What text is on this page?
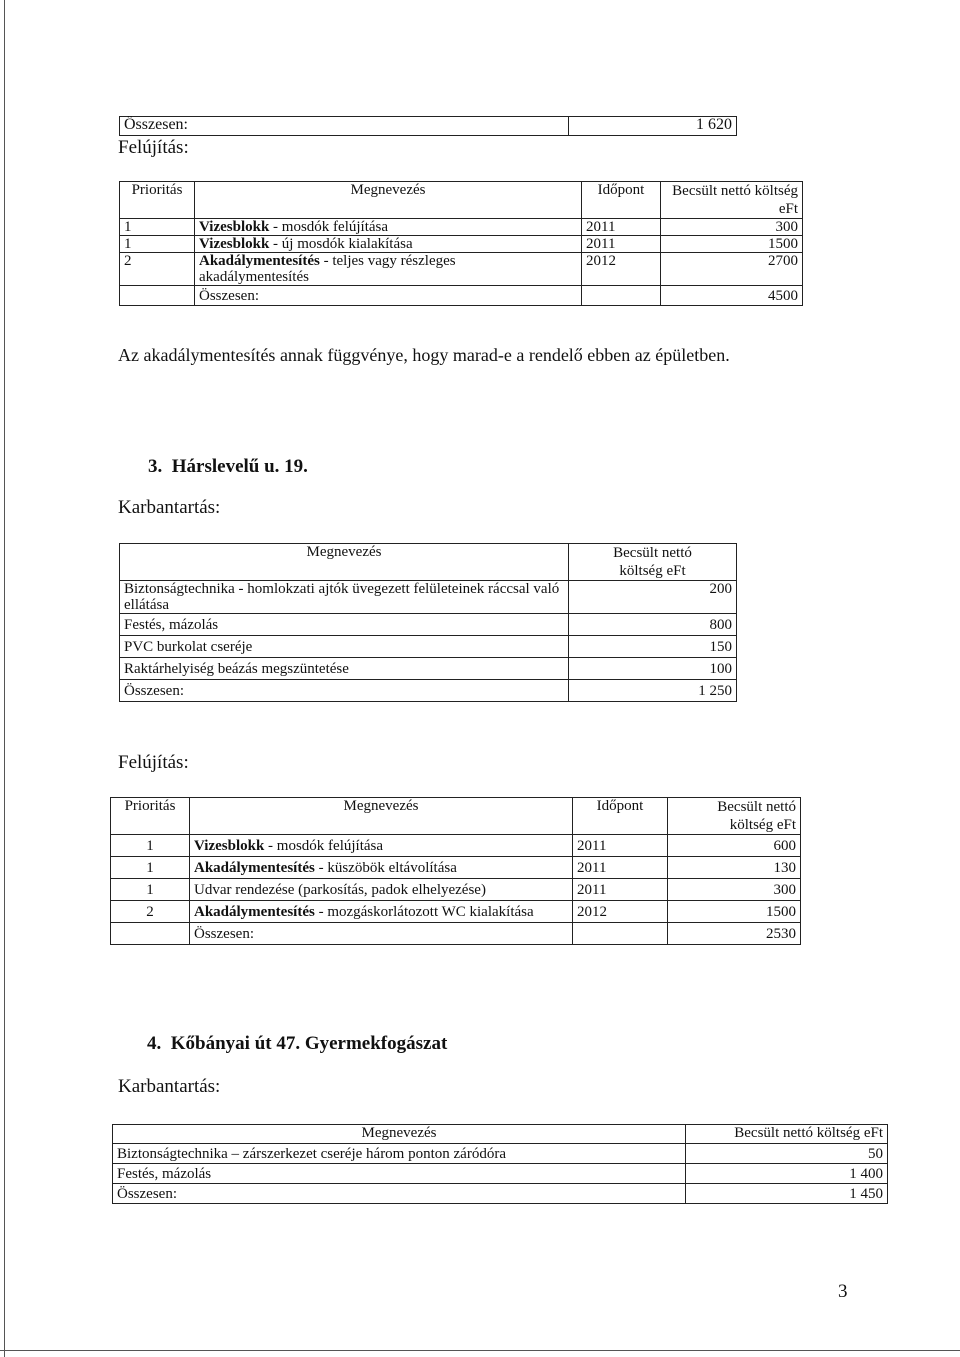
Összesen:	1 620
Felújítás:
Prioritás	Megnevezés	Időpont	Becsült nettó költség eFt
1	Vizesblokk - mosdók felújítása	2011	300
1	Vizesblokk - új mosdók kialakítása	2011	1500
2	Akadálymentesítés - teljes vagy részleges akadálymentesítés	2012	2700
	Összesen:		4500
Az akadálymentesítés annak függvénye, hogy marad-e a rendelő ebben az épületben.
3.  Hárslevelű u. 19.
Karbantartás:
Megnevezés	Becsült nettó költség eFt
Biztonságtechnika - homlokzati ajtók üvegezett felületeinek ráccsal való ellátása	200
Festés, mázolás	800
PVC burkolat cseréje	150
Raktárhelyiség beázás megszüntetése	100
Összesen:	1 250
Felújítás:
Prioritás	Megnevezés	Időpont	Becsült nettó költség eFt
1	Vizesblokk - mosdók felújítása	2011	600
1	Akadálymentesítés - küszöbök eltávolítása	2011	130
1	Udvar rendezése (parkosítás, padok elhelyezése)	2011	300
2	Akadálymentesítés - mozgáskorlátozott WC kialakítása	2012	1500
	Összesen:		2530
4.  Kőbányai út 47. Gyermekfogászat
Karbantartás:
Megnevezés	Becsült nettó költség eFt
Biztonságtechnika – zárszerkezet cseréje három ponton záródóra	50
Festés, mázolás	1 400
Összesen:	1 450
3
